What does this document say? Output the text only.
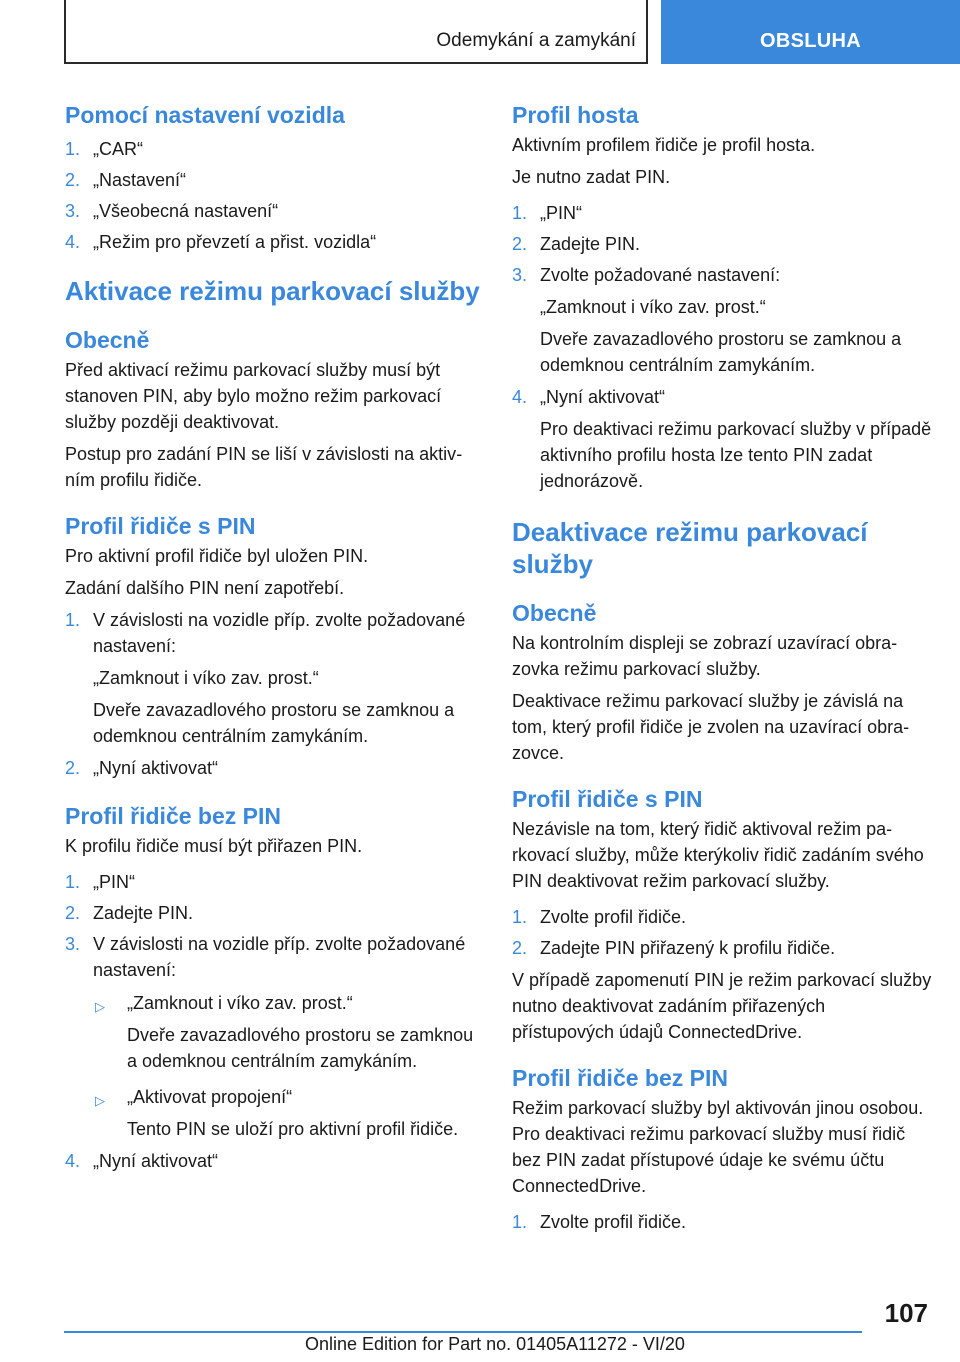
Odemykání a zamykání	OBSLUHA
Pomocí nastavení vozidla
1. „CAR“
2. „Nastavení“
3. „Všeobecná nastavení“
4. „Režim pro převzetí a přist. vozidla“
Aktivace režimu parkovací služby
Obecně
Před aktivací režimu parkovací služby musí být stanoven PIN, aby bylo možno režim parkovací služby později deaktivovat.
Postup pro zadání PIN se liší v závislosti na aktivním profilu řidiče.
Profil řidiče s PIN
Pro aktivní profil řidiče byl uložen PIN.
Zadání dalšího PIN není zapotřebí.
1. V závislosti na vozidle příp. zvolte požadované nastavení:
„Zamknout i víko zav. prost.“
Dveře zavazadlového prostoru se zamknou a odemknou centrálním zamykáním.
2. „Nyní aktivovat“
Profil řidiče bez PIN
K profilu řidiče musí být přiřazen PIN.
1. „PIN“
2. Zadejte PIN.
3. V závislosti na vozidle příp. zvolte požadované nastavení:
▷	„Zamknout i víko zav. prost.“
Dveře zavazadlového prostoru se zamknou a odemknou centrálním zamykáním.
▷	„Aktivovat propojení“
Tento PIN se uloží pro aktivní profil řidiče.
4. „Nyní aktivovat“
Profil hosta
Aktivním profilem řidiče je profil hosta.
Je nutno zadat PIN.
1. „PIN“
2. Zadejte PIN.
3. Zvolte požadované nastavení:
„Zamknout i víko zav. prost.“
Dveře zavazadlového prostoru se zamknou a odemknou centrálním zamykáním.
4. „Nyní aktivovat“
Pro deaktivaci režimu parkovací služby v případě aktivního profilu hosta lze tento PIN zadat jednorázově.
Deaktivace režimu parkovací služby
Obecně
Na kontrolním displeji se zobrazí uzavírací obrazovka režimu parkovací služby.
Deaktivace režimu parkovací služby je závislá na tom, který profil řidiče je zvolen na uzavírací obrazovce.
Profil řidiče s PIN
Nezávisle na tom, který řidič aktivoval režim parkovací služby, může kterýkoliv řidič zadáním svého PIN deaktivovat režim parkovací služby.
1. Zvolte profil řidiče.
2. Zadejte PIN přiřazený k profilu řidiče.
V případě zapomenutí PIN je režim parkovací služby nutno deaktivovat zadáním přiřazených přístupových údajů ConnectedDrive.
Profil řidiče bez PIN
Režim parkovací služby byl aktivován jinou osobou. Pro deaktivaci režimu parkovací služby musí řidič bez PIN zadat přístupové údaje ke svému účtu ConnectedDrive.
1. Zvolte profil řidiče.
107
Online Edition for Part no. 01405A11272 - VI/20
